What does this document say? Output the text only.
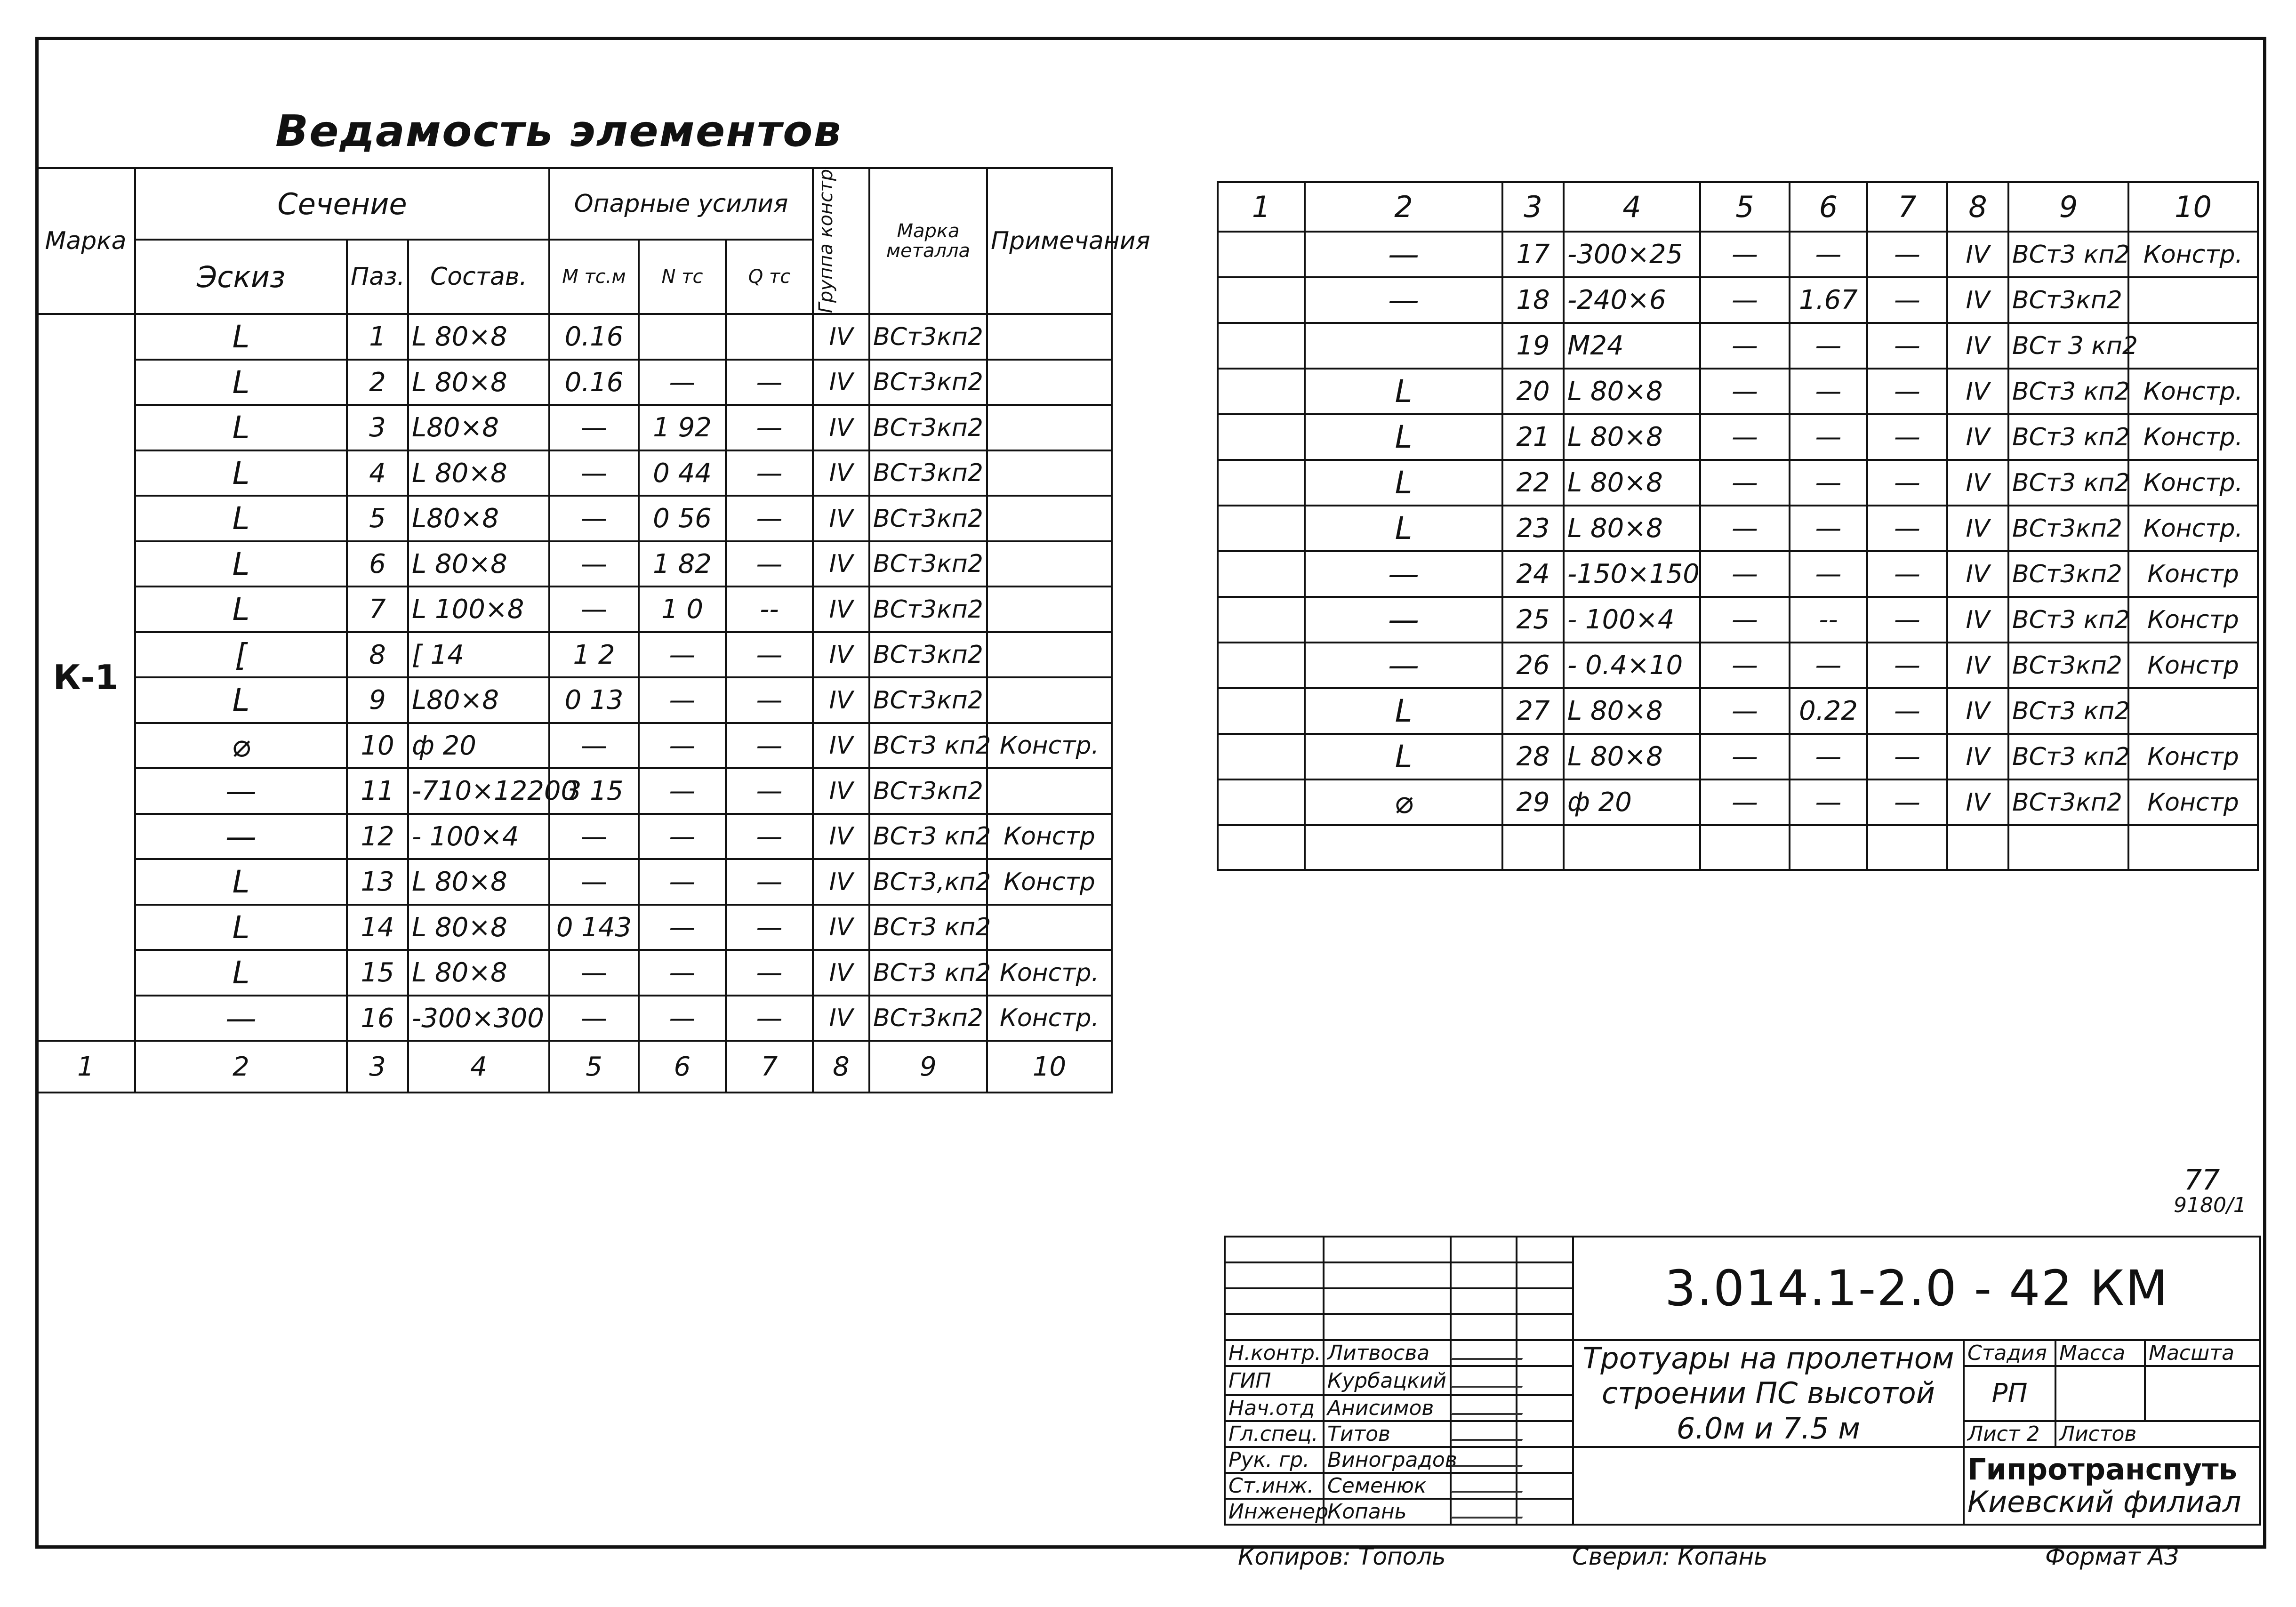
Ведамость элементов
Марка	Сечение			Опарные усилия			Группа констр	Марка металла	Примечания
	Эскиз	Паз.	Состав.	M тс.м	N тс	Q тс			
К-1	L	1	L 80×8	0.16			IV	ВСт3кп2	
	L	2	L 80×8	0.16	—	—	IV	ВСт3кп2	
	L	3	L80×8	—	1 92	—	IV	ВСт3кп2	
	L	4	L 80×8	—	0 44	—	IV	ВСт3кп2	
	L	5	L80×8	—	0 56	—	IV	ВСт3кп2	
	L	6	L 80×8	—	1 82	—	IV	ВСт3кп2	
	L	7	L 100×8	—	1 0	--	IV	ВСт3кп2	
	[	8	[ 14	1 2	—	—	IV	ВСт3кп2	
	L	9	L80×8	0 13	—	—	IV	ВСт3кп2	
	⌀	10	ф 20	—	—	—	IV	ВСт3 кп2	Констр.
	—	11	-710×12200	3 15	—	—	IV	ВСт3кп2	
	—	12	- 100×4	—	—	—	IV	ВСт3 кп2	Констр
	L	13	L 80×8	—	—	—	IV	ВСт3,кп2	Констр
	L	14	L 80×8	0 143	—	—	IV	ВСт3 кп2	
	L	15	L 80×8	—	—	—	IV	ВСт3 кп2	Констр.
	—	16	-300×300	—	—	—	IV	ВСт3кп2	Констр.
1	2	3	4	5	6	7	8	9	10
1	2	3	4	5	6	7	8	9	10
	—	17	-300×25	—	—	—	IV	ВСт3 кп2	Констр.
	—	18	-240×6	—	1.67	—	IV	ВСт3кп2	
		19	M24	—	—	—	IV	ВСт 3 кп2	
	L	20	L 80×8	—	—	—	IV	ВСт3 кп2	Констр.
	L	21	L 80×8	—	—	—	IV	ВСт3 кп2	Констр.
	L	22	L 80×8	—	—	—	IV	ВСт3 кп2	Констр.
	L	23	L 80×8	—	—	—	IV	ВСт3кп2	Констр.
	—	24	-150×150	—	—	—	IV	ВСт3кп2	Констр
	—	25	- 100×4	—	--	—	IV	ВСт3 кп2	Констр
	—	26	- 0.4×10	—	—	—	IV	ВСт3кп2	Констр
	L	27	L 80×8	—	0.22	—	IV	ВСт3 кп2	
	L	28	L 80×8	—	—	—	IV	ВСт3 кп2	Констр
	⌀	29	ф 20	—	—	—	IV	ВСт3кп2	Констр

77
9180/1
				3.014.1-2.0 - 42 КМ			

Н.контр.	Литвосва			Тротуары на пролетном строении ПС высотой 6.0м и 7.5 м	Стадия	Масса	Масшта
ГИП	Курбацкий				РП		
Нач.отд	Анисимов						
Гл.спец.	Титов				Лист 2	Листов	
Рук. гр.	Виноградов				Гипротранспуть
Киевский филиал		

Ст.инж.	Семенюк						
Инженер	Копань						
Копиров: Тополь	Сверил: Копань	Формат А3
